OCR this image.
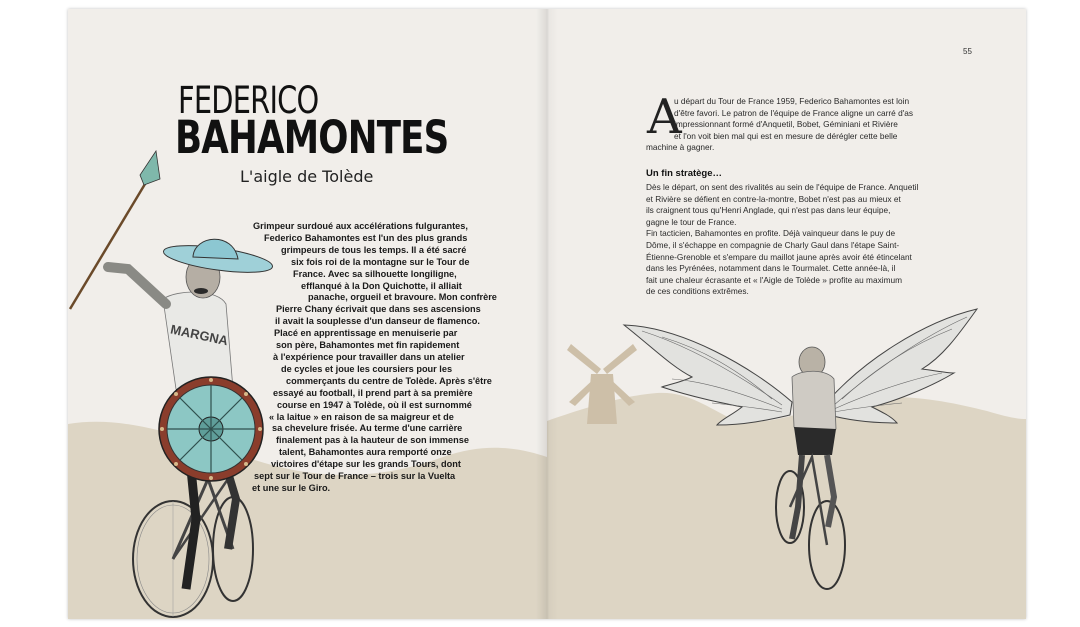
MARGNA
FEDERICO
BAHAMONTES
L'aigle de Tolède
Grimpeur surdoué aux accélérations fulgurantes,
Federico Bahamontes est l'un des plus grands
grimpeurs de tous les temps. Il a été sacré
six fois roi de la montagne sur le Tour de
France. Avec sa silhouette longiligne,
efflanqué à la Don Quichotte, il alliait
panache, orgueil et bravoure. Mon confrère
Pierre Chany écrivait que dans ses ascensions
il avait la souplesse d'un danseur de flamenco.
Placé en apprentissage en menuiserie par
son père, Bahamontes met fin rapidement
à l'expérience pour travailler dans un atelier
de cycles et joue les coursiers pour les
commerçants du centre de Tolède. Après s'être
essayé au football, il prend part à sa première
course en 1947 à Tolède, où il est surnommé
« la laitue » en raison de sa maigreur et de
sa chevelure frisée. Au terme d'une carrière
finalement pas à la hauteur de son immense
talent, Bahamontes aura remporté onze
victoires d'étape sur les grands Tours, dont
sept sur le Tour de France – trois sur la Vuelta
et une sur le Giro.
55
A
u départ du Tour de France 1959, Federico Bahamontes est loin
d'être favori. Le patron de l'équipe de France aligne un carré d'as
impressionnant formé d'Anquetil, Bobet, Géminiani et Rivière
et l'on voit bien mal qui est en mesure de dérégler cette belle
machine à gagner.
Un fin stratège…
Dès le départ, on sent des rivalités au sein de l'équipe de France. Anquetil
et Rivière se défient en contre-la-montre, Bobet n'est pas au mieux et
ils craignent tous qu'Henri Anglade, qui n'est pas dans leur équipe,
gagne le tour de France.
Fin tacticien, Bahamontes en profite. Déjà vainqueur dans le puy de
Dôme, il s'échappe en compagnie de Charly Gaul dans l'étape Saint-
Étienne-Grenoble et s'empare du maillot jaune après avoir été étincelant
dans les Pyrénées, notamment dans le Tourmalet. Cette année-là, il
fait une chaleur écrasante et « l'Aigle de Tolède » profite au maximum
de ces conditions extrêmes.
